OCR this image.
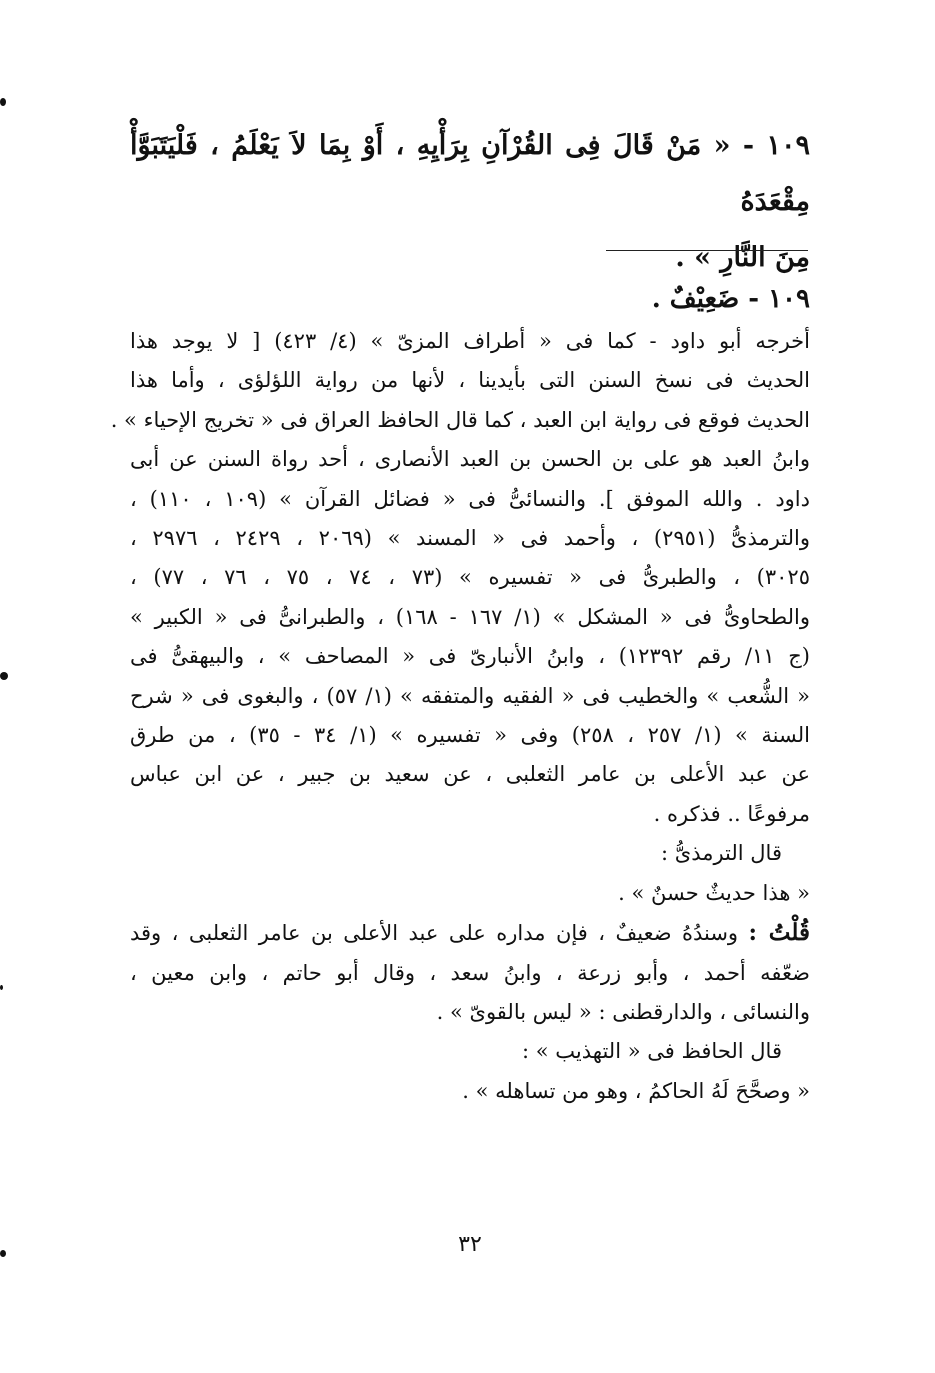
١٠٩ - « مَنْ قَالَ فِى القُرْآنِ بِرَأْيِهِ ، أَوْ بِمَا لاَ يَعْلَمُ ، فَلْيَتَبَوَّأْ مِقْعَدَهُ

مِنَ النَّارِ » .

١٠٩ - ضَعِيْفٌ .
أخرجه أبو داود - كما فى « أطراف المزىّ » (٤/ ٤٢٣) [ لا يوجد هذا
الحديث فى نسخ السنن التى بأيدينا ، لأنها من رواية اللؤلؤى ، وأما هذا
الحديث فوقع فى رواية ابن العبد ، كما قال الحافظ العراق فى « تخريج الإحياء » .
وابنُ العبد هو على بن الحسن بن العبد الأنصارى ، أحد رواة السنن عن أبى
داود . والله الموفق ]. والنسائىُّ فى « فضائل القرآن » (١٠٩ ، ١١٠) ،
والترمذىُّ (٢٩٥١) ، وأحمد فى « المسند » (٢٠٦٩ ، ٢٤٢٩ ، ٢٩٧٦ ،
٣٠٢٥) ، والطبرىُّ فى « تفسيره » (٧٣ ، ٧٤ ، ٧٥ ، ٧٦ ، ٧٧) ،
والطحاوىُّ فى « المشكل » (١/ ١٦٧ - ١٦٨) ، والطبرانىُّ فى « الكبير »
(ج ١١/ رقم ١٢٣٩٢) ، وابنُ الأنبارىّ فى « المصاحف » ، والبيهقىُّ فى
« الشُّعب » والخطيب فى « الفقيه والمتفقه » (١/ ٥٧) ، والبغوى فى « شرح
السنة » (١/ ٢٥٧ ، ٢٥٨) وفى « تفسيره » (١/ ٣٤ - ٣٥) ، من طرق
عن عبد الأعلى بن عامر الثعلبى ، عن سعيد بن جبير ، عن ابن عباس
مرفوعًا .. فذكره .
قال الترمذىُّ :
« هذا حديثٌ حسنٌ » .
قُلْتُ : وسندُهُ ضعيفٌ ، فإن مداره على عبد الأعلى بن عامر الثعلبى ، وقد
ضعّفه أحمد ، وأبو زرعة ، وابنُ سعد ، وقال أبو حاتم ، وابن معين ،
والنسائى ، والدارقطنى : « ليس بالقوىّ » .
قال الحافظ فى « التهذيب » :
« وصحَّحَ لَهُ الحاكمُ ، وهو من تساهله » .
٣٢
